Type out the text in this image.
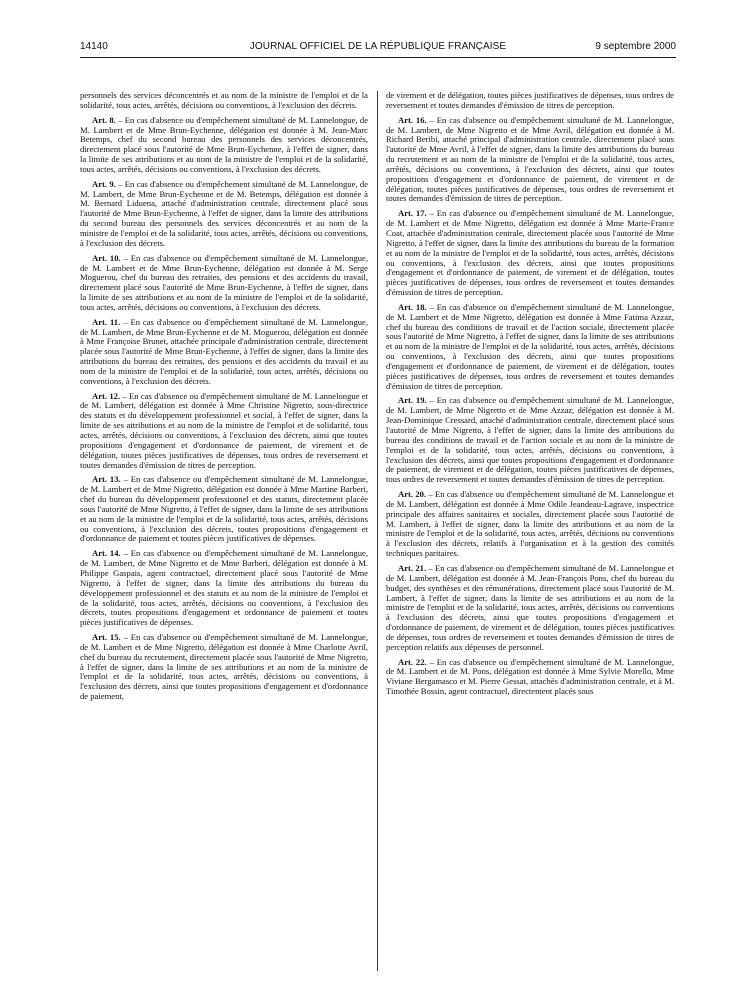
14140	JOURNAL OFFICIEL DE LA RÉPUBLIQUE FRANÇAISE	9 septembre 2000

personnels des services déconcentrés et au nom de la ministre de l'emploi et de la solidarité, tous actes, arrêtés, décisions ou conventions, à l'exclusion des décrets.

Art. 8. – En cas d'absence ou d'empêchement simultané de M. Lannelongue, de M. Lambert et de Mme Brun-Eychenne, délégation est donnée à M. Jean-Marc Betemps, chef du second bureau des personnels des services déconcentrés, directement placé sous l'autorité de Mme Brun-Eychenne, à l'effet de signer, dans la limite de ses attributions et au nom de la ministre de l'emploi et de la solidarité, tous actes, arrêtés, décisions ou conventions, à l'exclusion des décrets.

Art. 9. – En cas d'absence ou d'empêchement simultané de M. Lannelongue, de M. Lambert, de Mme Brun-Eychenne et de M. Betemps, délégation est donnée à M. Bernard Liduena, attaché d'administration centrale, directement placé sous l'autorité de Mme Brun-Eychenne, à l'effet de signer, dans la limite des attributions du second bureau des personnels des services déconcentrés et au nom de la ministre de l'emploi et de la solidarité, tous actes, arrêtés, décisions ou conventions, à l'exclusion des décrets.

Art. 10. – En cas d'absence ou d'empêchement simultané de M. Lannelongue, de M. Lambert et de Mme Brun-Eychenne, délégation est donnée à M. Serge Moguerou, chef du bureau des retraites, des pensions et des accidents du travail, directement placé sous l'autorité de Mme Brun-Eychenne, à l'effet de signer, dans la limite de ses attributions et au nom de la ministre de l'emploi et de la solidarité, tous actes, arrêtés, décisions ou conventions, à l'exclusion des décrets.

Art. 11. – En cas d'absence ou d'empêchement simultané de M. Lannelongue, de M. Lambert, de Mme Brun-Eychenne et de M. Moguerou, délégation est donnée à Mme Françoise Brunet, attachée principale d'administration centrale, directement placée sous l'autorité de Mme Brun-Eychenne, à l'effet de signer, dans la limite des attributions du bureau des retraites, des pensions et des accidents du travail et au nom de la ministre de l'emploi et de la solidarité, tous actes, arrêtés, décisions ou conventions, à l'exclusion des décrets.

Art. 12. – En cas d'absence ou d'empêchement simultané de M. Lannelongue et de M. Lambert, délégation est donnée à Mme Christine Nigretto, sous-directrice des statuts et du développement professionnel et social, à l'effet de signer, dans la limite de ses attributions et au nom de la ministre de l'emploi et de solidarité, tous actes, arrêtés, décisions ou conventions, à l'exclusion des décrets, ainsi que toutes propositions d'engagement et d'ordonnance de paiement, de virement et de délégation, toutes pièces justificatives de dépenses, tous ordres de reversement et toutes demandes d'émission de titres de perception.

Art. 13. – En cas d'absence ou d'empêchement simultané de M. Lannelongue, de M. Lambert et de Mme Nigretto, délégation est donnée à Mme Martine Barberi, chef du bureau du développement professionnel et des statuts, directement placée sous l'autorité de Mme Nigretto, à l'effet de signer, dans la limite de ses attributions et au nom de la ministre de l'emploi et de la solidarité, tous actes, arrêtés, décisions ou conventions, à l'exclusion des décrets, toutes propositions d'engagement et d'ordonnance de paiement et toutes pièces justificatives de dépenses.

Art. 14. – En cas d'absence ou d'empêchement simultané de M. Lannelongue, de M. Lambert, de Mme Nigretto et de Mme Barberi, délégation est donnée à M. Philippe Gaspais, agent contractuel, directement placé sous l'autorité de Mme Nigretto, à l'effet de signer, dans la limite des attributions du bureau du développement professionnel et des statuts et au nom de la ministre de l'emploi et de la solidarité, tous actes, arrêtés, décisions ou conventions, à l'exclusion des décrets, toutes propositions d'engagement et ordonnance de paiement et toutes pièces justificatives de dépenses.

Art. 15. – En cas d'absence ou d'empêchement simultané de M. Lannelongue, de M. Lambert et de Mme Nigretto, délégation est donnée à Mme Charlotte Avril, chef du bureau du recrutement, directement placée sous l'autorité de Mme Nigretto, à l'effet de signer, dans la limite de ses attributions et au nom de la ministre de l'emploi et de la solidarité, tous actes, arrêtés, décisions ou conventions, à l'exclusion des décrets, ainsi que toutes propositions d'engagement et d'ordonnance de paiement,

de virement et de délégation, toutes pièces justificatives de dépenses, tous ordres de reversement et toutes demandes d'émission de titres de perception.

Art. 16. – En cas d'absence ou d'empêchement simultané de M. Lannelongue, de M. Lambert, de Mme Nigretto et de Mme Avril, délégation est donnée à M. Richard Beribi, attaché principal d'administration centrale, directement placé sous l'autorité de Mme Avril, à l'effet de signer, dans la limite des attributions du bureau du recrutement et au nom de la ministre de l'emploi et de la solidarité, tous actes, arrêtés, décisions ou conventions, à l'exclusion des décrets, ainsi que toutes propositions d'engagement et d'ordonnance de paiement, de virement et de délégation, toutes pièces justificatives de dépenses, tous ordres de reversement et toutes demandes d'émission de titres de perception.

Art. 17. – En cas d'absence ou d'empêchement simultané de M. Lannelongue, de M. Lambert et de Mme Nigretto, délégation est donnée à Mme Marie-France Coat, attachée d'administration centrale, directement placée sous l'autorité de Mme Nigretto, à l'effet de signer, dans la limite des attributions du bureau de la formation et au nom de la ministre de l'emploi et de la solidarité, tous actes, arrêtés, décisions ou conventions, à l'exclusion des décrets, ainsi que toutes propositions d'engagement et d'ordonnance de paiement, de virement et de délégation, toutes pièces justificatives de dépenses, tous ordres de reversement et toutes demandes d'émission de titres de perception.

Art. 18. – En cas d'absence ou d'empêchement simultané de M. Lannelongue, de M. Lambert et de Mme Nigretto, délégation est donnée à Mme Fatima Azzaz, chef du bureau des conditions de travail et de l'action sociale, directement placée sous l'autorité de Mme Nigretto, à l'effet de signer, dans la limite de ses attributions et au nom de la ministre de l'emploi et de la solidarité, tous actes, arrêtés, décisions ou conventions, à l'exclusion des décrets, ainsi que toutes propositions d'engagement et d'ordonnance de paiement, de virement et de délégation, toutes pièces justificatives de dépenses, tous ordres de reversement et toutes demandes d'émission de titres de perception.

Art. 19. – En cas d'absence ou d'empêchement simultané de M. Lannelongue, de M. Lambert, de Mme Nigretto et de Mme Azzaz, délégation est donnée à M. Jean-Dominique Cressard, attaché d'administration centrale, directement placé sous l'autorité de Mme Nigretto, à l'effet de signer, dans la limite des attributions du bureau des conditions de travail et de l'action sociale et au nom de la ministre de l'emploi et de la solidarité, tous actes, arrêtés, décisions ou conventions, à l'exclusion des décrets, ainsi que toutes propositions d'engagement et d'ordonnance de paiement, de virement et de délégation, toutes pièces justificatives de dépenses, tous ordres de reversement et toutes demandes d'émission de titres de perception.

Art. 20. – En cas d'absence ou d'empêchement simultané de M. Lannelongue et de M. Lambert, délégation est donnée à Mme Odile Jeandeau-Lagrave, inspectrice principale des affaires sanitaires et sociales, directement placée sous l'autorité de M. Lambert, à l'effet de signer, dans la limite des attributions et au nom de la ministre de l'emploi et de la solidarité, tous actes, arrêtés, décisions ou conventions à l'exclusion des décrets, relatifs à l'organisation et à la gestion des comités techniques paritaires.

Art. 21. – En cas d'absence ou d'empêchement simultané de M. Lannelongue et de M. Lambert, délégation est donnée à M. Jean-François Pons, chef du bureau du budget, des synthèses et des rémunérations, directement placé sous l'autorité de M. Lambert, à l'effet de signer, dans la limite de ses attributions et au nom de la ministre de l'emploi et de la solidarité, tous actes, arrêtés, décisions ou conventions à l'exclusion des décrets, ainsi que toutes propositions d'engagement et d'ordonnance de paiement, de virement et de délégation, toutes pièces justificatives de dépenses, tous ordres de reversement et toutes demandes d'émission de titres de perception relatifs aux dépenses de personnel.

Art. 22. – En cas d'absence ou d'empêchement simultané de M. Lannelongue, de M. Lambert et de M. Pons, délégation est donnée à Mme Sylvie Morello, Mme Viviane Bergamasco et M. Pierre Gessat, attachés d'administration centrale, et à M. Timothée Bossin, agent contractuel, directement placés sous
